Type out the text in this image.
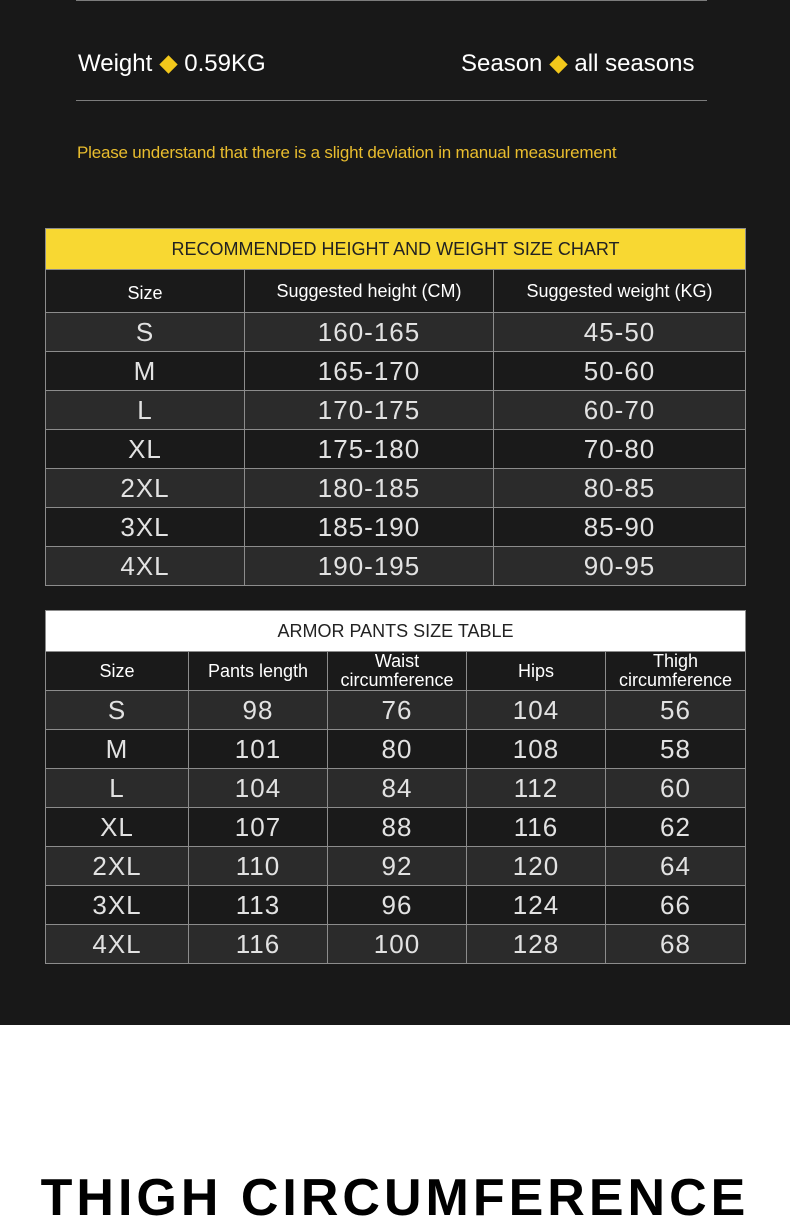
Weight 0.59KG	Season all seasons
Please understand that there is a slight deviation in manual measurement
RECOMMENDED HEIGHT AND WEIGHT SIZE CHART		
Size	Suggested height (CM)	Suggested weight (KG)
S	160-165	45-50
M	165-170	50-60
L	170-175	60-70
XL	175-180	70-80
2XL	180-185	80-85
3XL	185-190	85-90
4XL	190-195	90-95
ARMOR PANTS SIZE TABLE				
Size	Pants length	Waist circumference	Hips	Thigh circumference
S	98	76	104	56
M	101	80	108	58
L	104	84	112	60
XL	107	88	116	62
2XL	110	92	120	64
3XL	113	96	124	66
4XL	116	100	128	68
THIGH CIRCUMFERENCE
